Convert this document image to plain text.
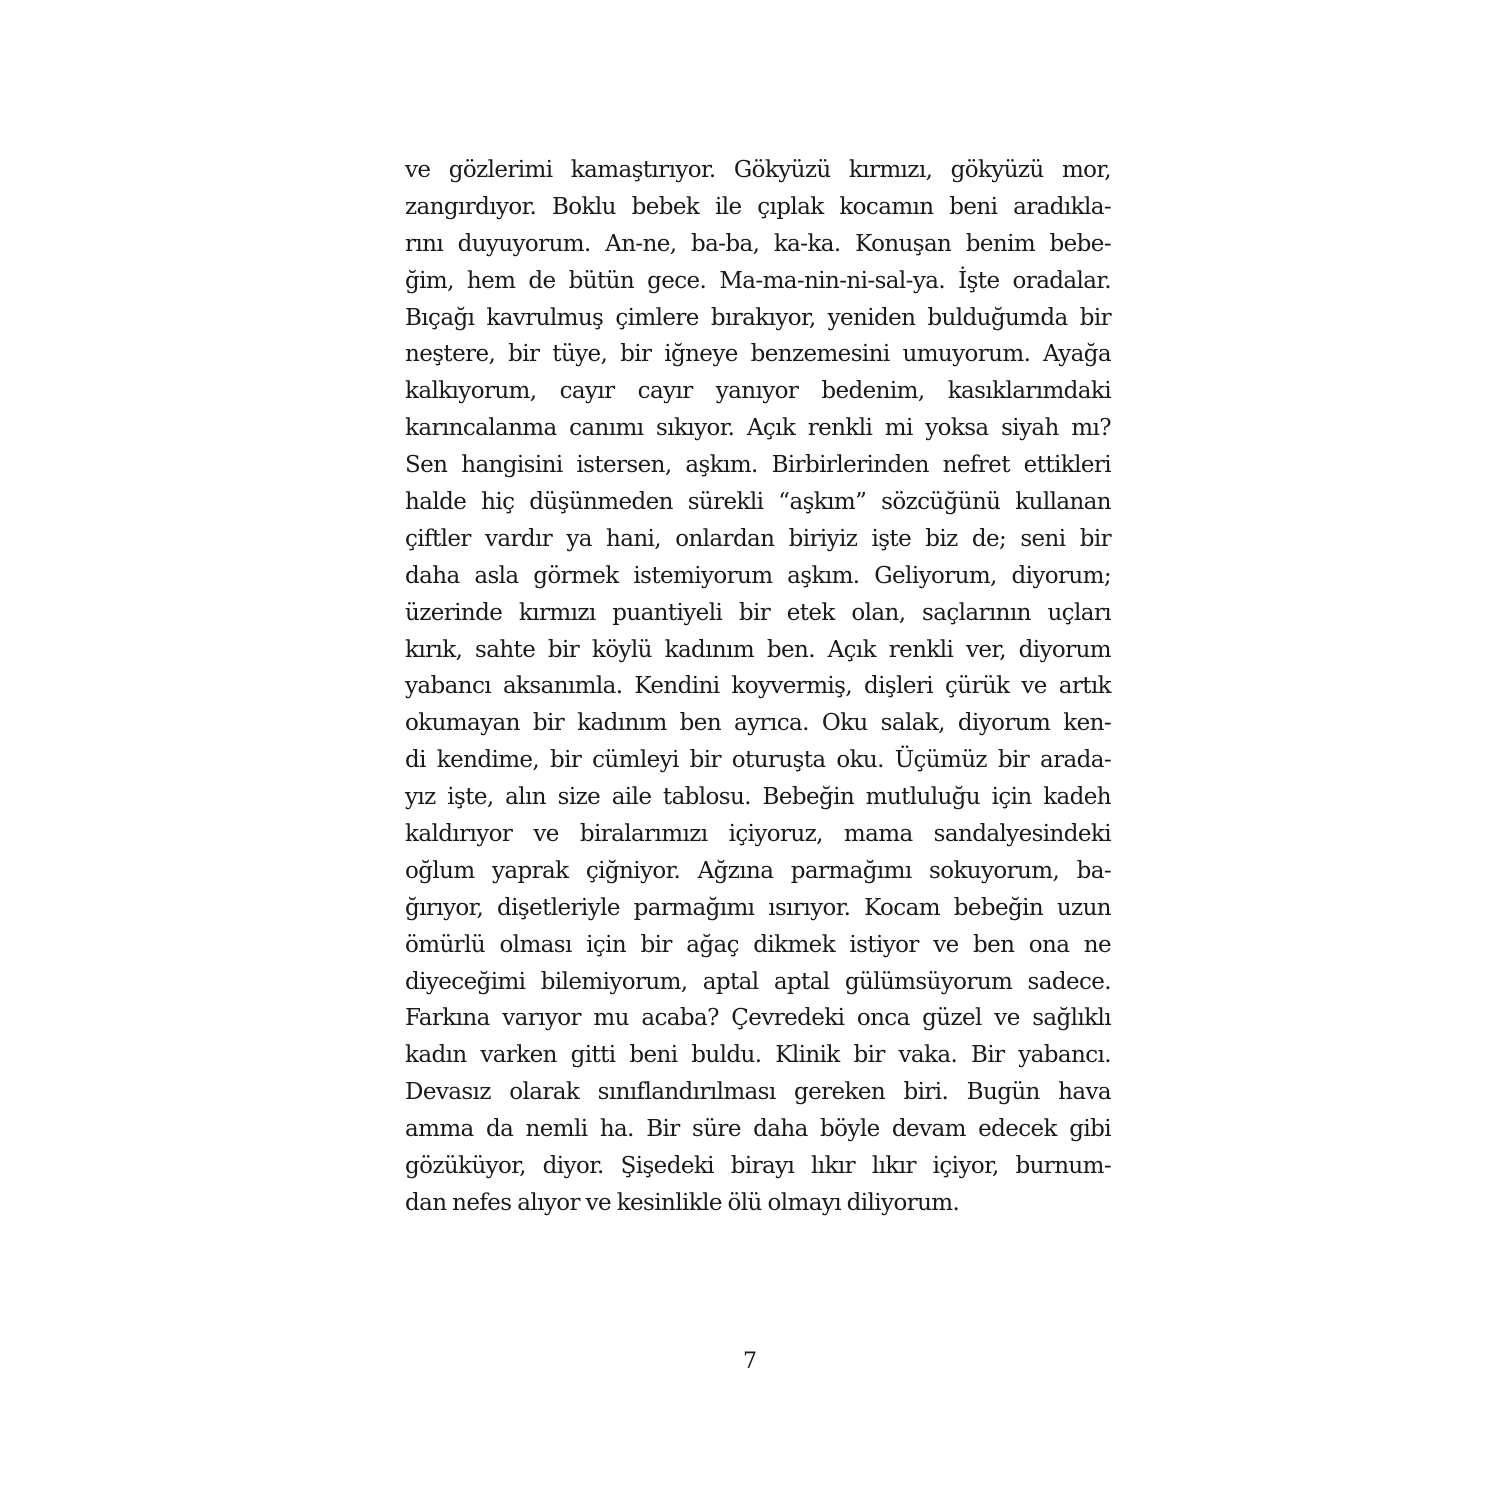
ve gözlerimi kamaştırıyor. Gökyüzü kırmızı, gökyüzü mor,
zangırdıyor. Boklu bebek ile çıplak kocamın beni aradıkla-
rını duyuyorum. An-ne, ba-ba, ka-ka. Konuşan benim bebe-
ğim, hem de bütün gece. Ma-ma-nin-ni-sal-ya. İşte oradalar.
Bıçağı kavrulmuş çimlere bırakıyor, yeniden bulduğumda bir
neştere, bir tüye, bir iğneye benzemesini umuyorum. Ayağa
kalkıyorum, cayır cayır yanıyor bedenim, kasıklarımdaki
karıncalanma canımı sıkıyor. Açık renkli mi yoksa siyah mı?
Sen hangisini istersen, aşkım. Birbirlerinden nefret ettikleri
halde hiç düşünmeden sürekli “aşkım” sözcüğünü kullanan
çiftler vardır ya hani, onlardan biriyiz işte biz de; seni bir
daha asla görmek istemiyorum aşkım. Geliyorum, diyorum;
üzerinde kırmızı puantiyeli bir etek olan, saçlarının uçları
kırık, sahte bir köylü kadınım ben. Açık renkli ver, diyorum
yabancı aksanımla. Kendini koyvermiş, dişleri çürük ve artık
okumayan bir kadınım ben ayrıca. Oku salak, diyorum ken-
di kendime, bir cümleyi bir oturuşta oku. Üçümüz bir arada-
yız işte, alın size aile tablosu. Bebeğin mutluluğu için kadeh
kaldırıyor ve biralarımızı içiyoruz, mama sandalyesindeki
oğlum yaprak çiğniyor. Ağzına parmağımı sokuyorum, ba-
ğırıyor, dişetleriyle parmağımı ısırıyor. Kocam bebeğin uzun
ömürlü olması için bir ağaç dikmek istiyor ve ben ona ne
diyeceğimi bilemiyorum, aptal aptal gülümsüyorum sadece.
Farkına varıyor mu acaba? Çevredeki onca güzel ve sağlıklı
kadın varken gitti beni buldu. Klinik bir vaka. Bir yabancı.
Devasız olarak sınıflandırılması gereken biri. Bugün hava
amma da nemli ha. Bir süre daha böyle devam edecek gibi
gözüküyor, diyor. Şişedeki birayı lıkır lıkır içiyor, burnum-
dan nefes alıyor ve kesinlikle ölü olmayı diliyorum.
7
